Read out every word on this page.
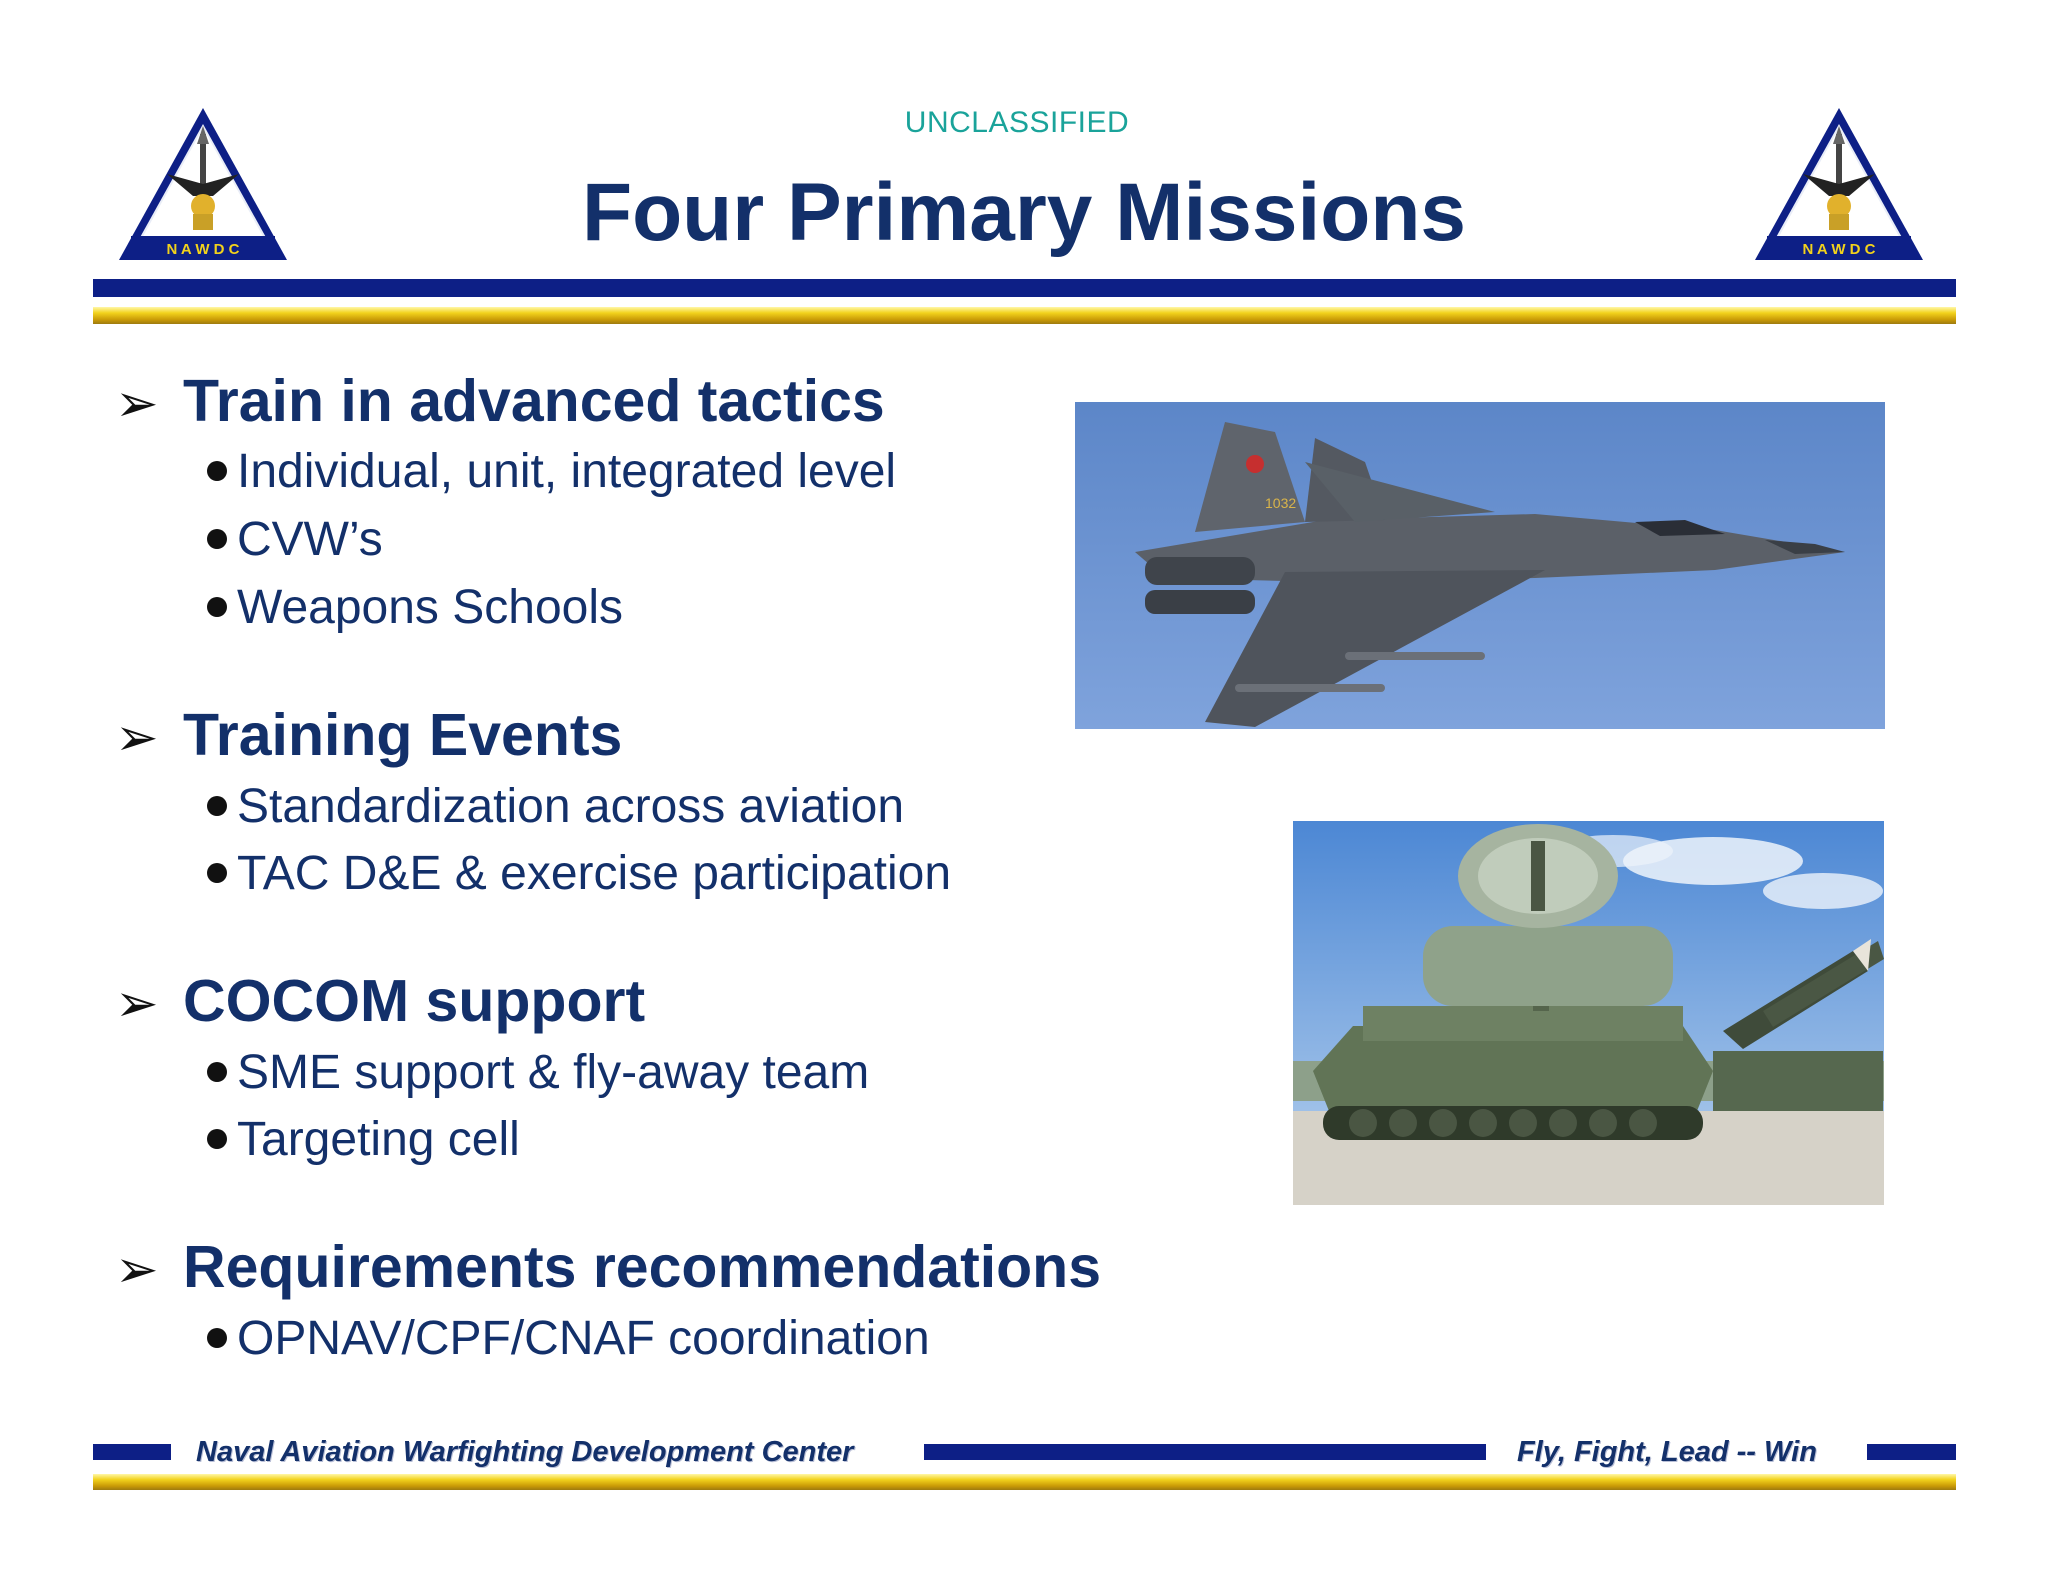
UNCLASSIFIED
Four Primary Missions
N A W D C	N A W D C
➢ Train in advanced tactics
Individual, unit, integrated level
CVW’s
Weapons Schools
➢ Training Events
Standardization across aviation
TAC D&E & exercise participation
➢ COCOM support
SME support & fly-away team
Targeting cell
➢ Requirements recommendations
OPNAV/CPF/CNAF coordination
1032
Naval Aviation Warfighting Development Center	Fly, Fight, Lead -- Win
